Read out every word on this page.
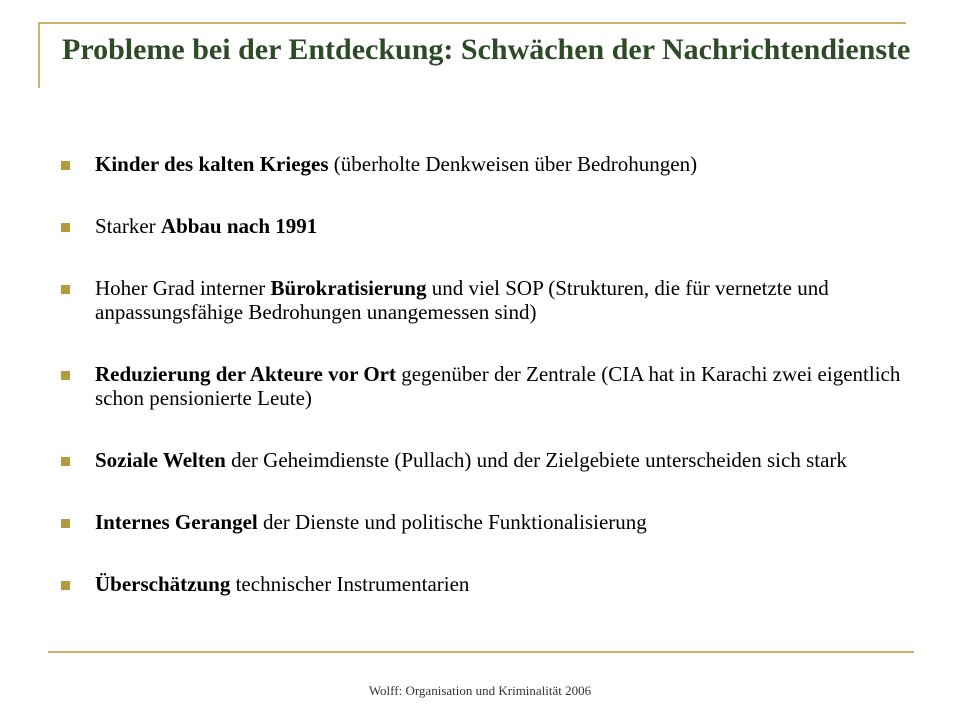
Probleme bei der Entdeckung: Schwächen der Nachrichtendienste
Kinder des kalten Krieges (überholte Denkweisen über Bedrohungen)
Starker Abbau nach 1991
Hoher Grad interner Bürokratisierung und viel SOP (Strukturen, die für vernetzte und anpassungsfähige Bedrohungen unangemessen sind)
Reduzierung der Akteure vor Ort gegenüber der Zentrale (CIA hat in Karachi zwei eigentlich schon pensionierte Leute)
Soziale Welten der Geheimdienste (Pullach) und der Zielgebiete unterscheiden sich stark
Internes Gerangel der Dienste und politische Funktionalisierung
Überschätzung technischer Instrumentarien
Wolff: Organisation und Kriminalität 2006
